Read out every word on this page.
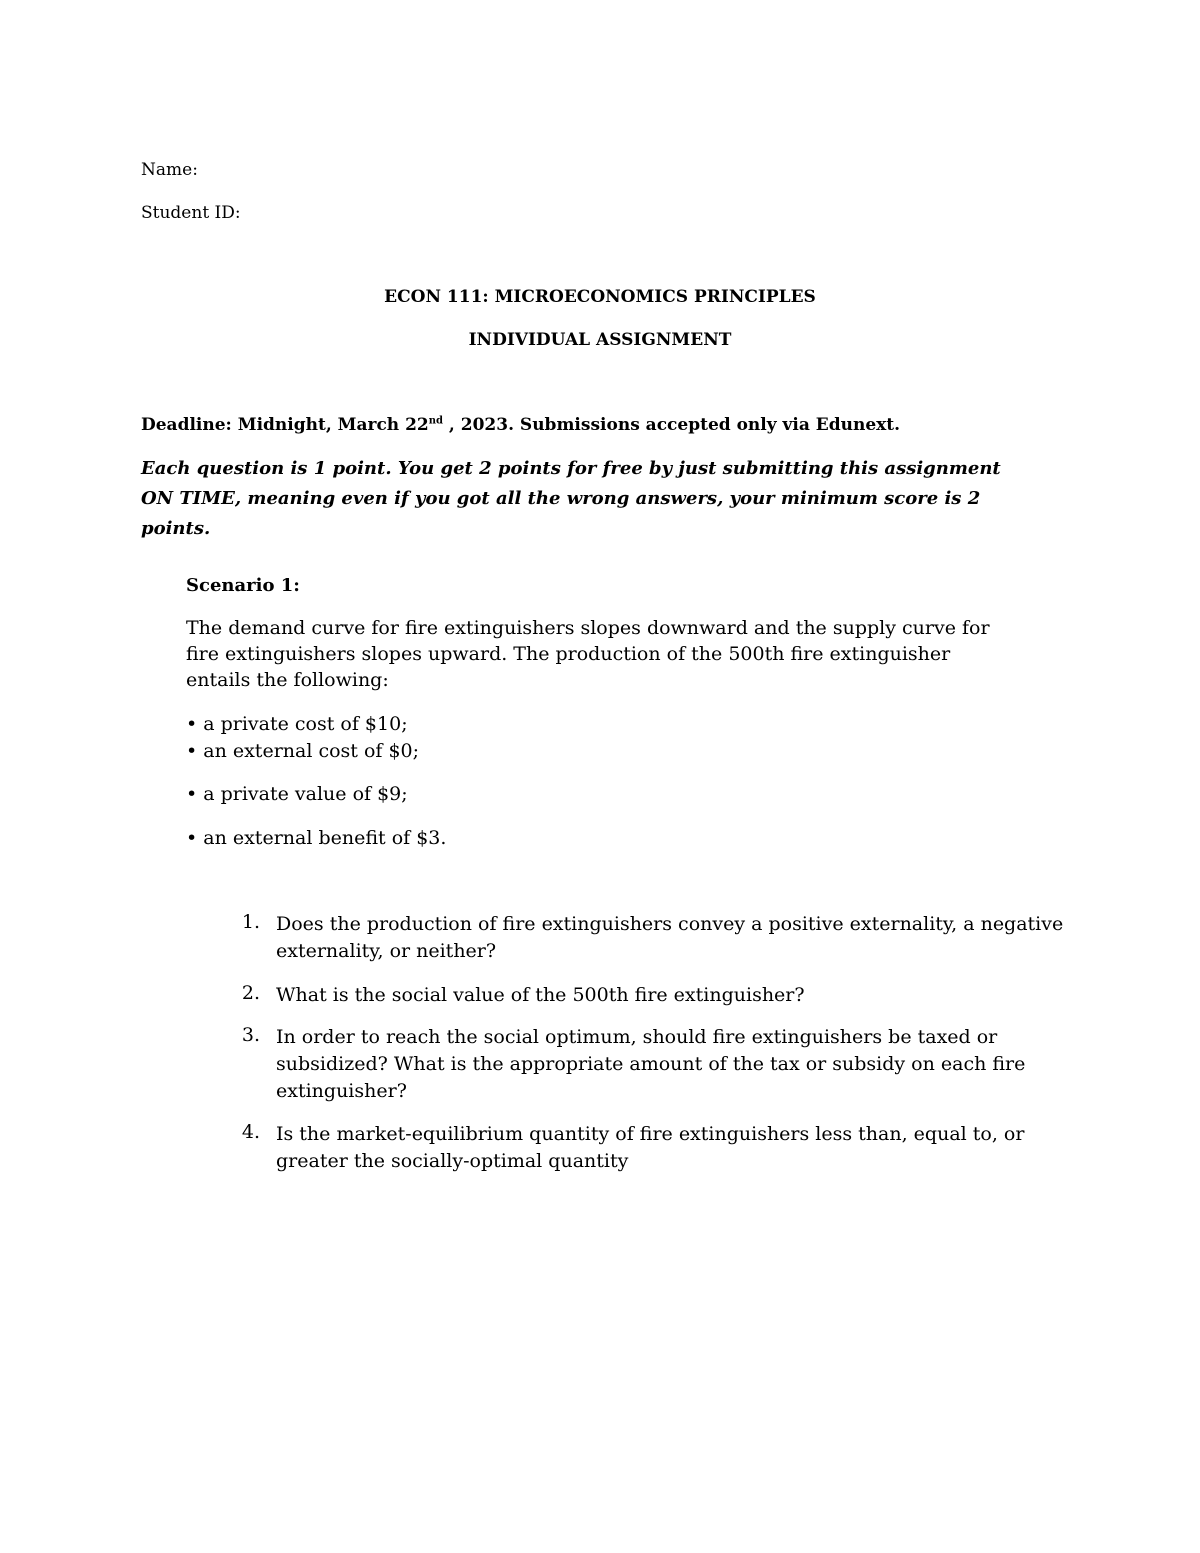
Name:
Student ID:
ECON 111: MICROECONOMICS PRINCIPLES
INDIVIDUAL ASSIGNMENT
Deadline: Midnight, March 22nd , 2023. Submissions accepted only via Edunext.
Each question is 1 point. You get 2 points for free by just submitting this assignment ON TIME, meaning even if you got all the wrong answers, your minimum score is 2 points.
Scenario 1:
The demand curve for fire extinguishers slopes downward and the supply curve for fire extinguishers slopes upward. The production of the 500th fire extinguisher entails the following:
• a private cost of $10;
• an external cost of $0;
• a private value of $9;
• an external benefit of $3.
1. Does the production of fire extinguishers convey a positive externality, a negative externality, or neither?
2. What is the social value of the 500th fire extinguisher?
3. In order to reach the social optimum, should fire extinguishers be taxed or subsidized? What is the appropriate amount of the tax or subsidy on each fire extinguisher?
4. Is the market-equilibrium quantity of fire extinguishers less than, equal to, or greater the socially-optimal quantity
